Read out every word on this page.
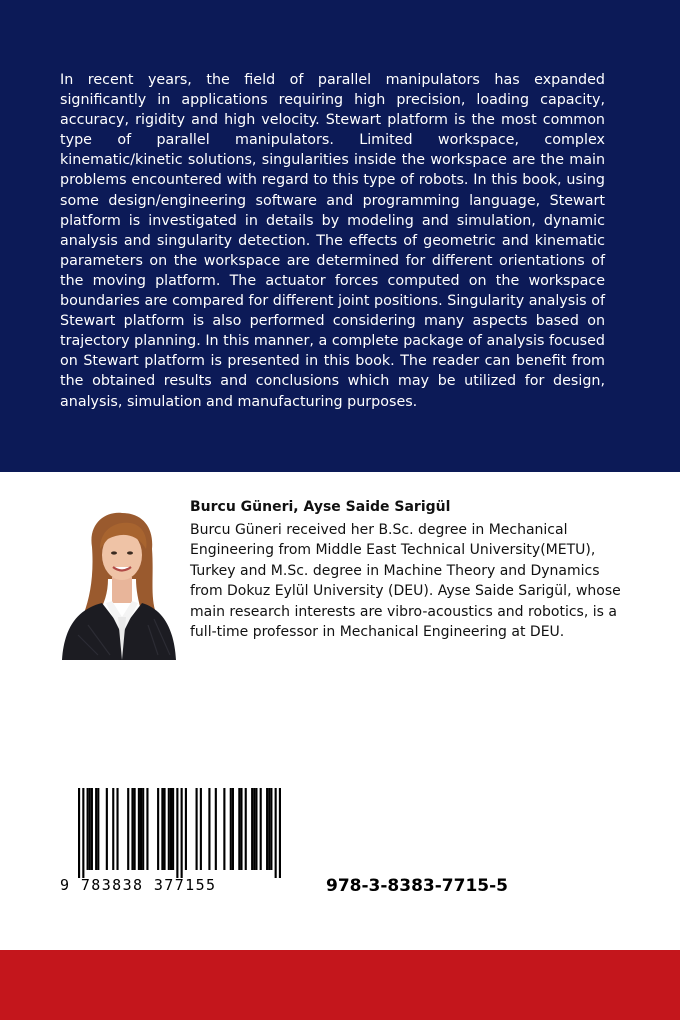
In recent years, the field of parallel manipulators has expanded significantly in applications requiring high precision, loading capacity, accuracy, rigidity and high velocity. Stewart platform is the most common type of parallel manipulators. Limited workspace, complex kinematic/kinetic solutions, singularities inside the workspace are the main problems encountered with regard to this type of robots. In this book, using some design/engineering software and programming language, Stewart platform is investigated in details by modeling and simulation, dynamic analysis and singularity detection. The effects of geometric and kinematic parameters on the workspace are determined for different orientations of the moving platform. The actuator forces computed on the workspace boundaries are compared for different joint positions. Singularity analysis of Stewart platform is also performed considering many aspects based on trajectory planning. In this manner, a complete package of analysis focused on Stewart platform is presented in this book. The reader can benefit from the obtained results and conclusions which may be utilized for design, analysis, simulation and manufacturing purposes.

Burcu Güneri, Ayse Saide Sarigül

Burcu Güneri received her B.Sc. degree in Mechanical Engineering from Middle East Technical University(METU), Turkey and M.Sc. degree in Machine Theory and Dynamics from Dokuz Eylül University (DEU). Ayse Saide Sarigül, whose main research interests are vibro-acoustics and robotics, is a full-time professor in Mechanical Engineering at DEU.

9 783838 377155	978-3-8383-7715-5
